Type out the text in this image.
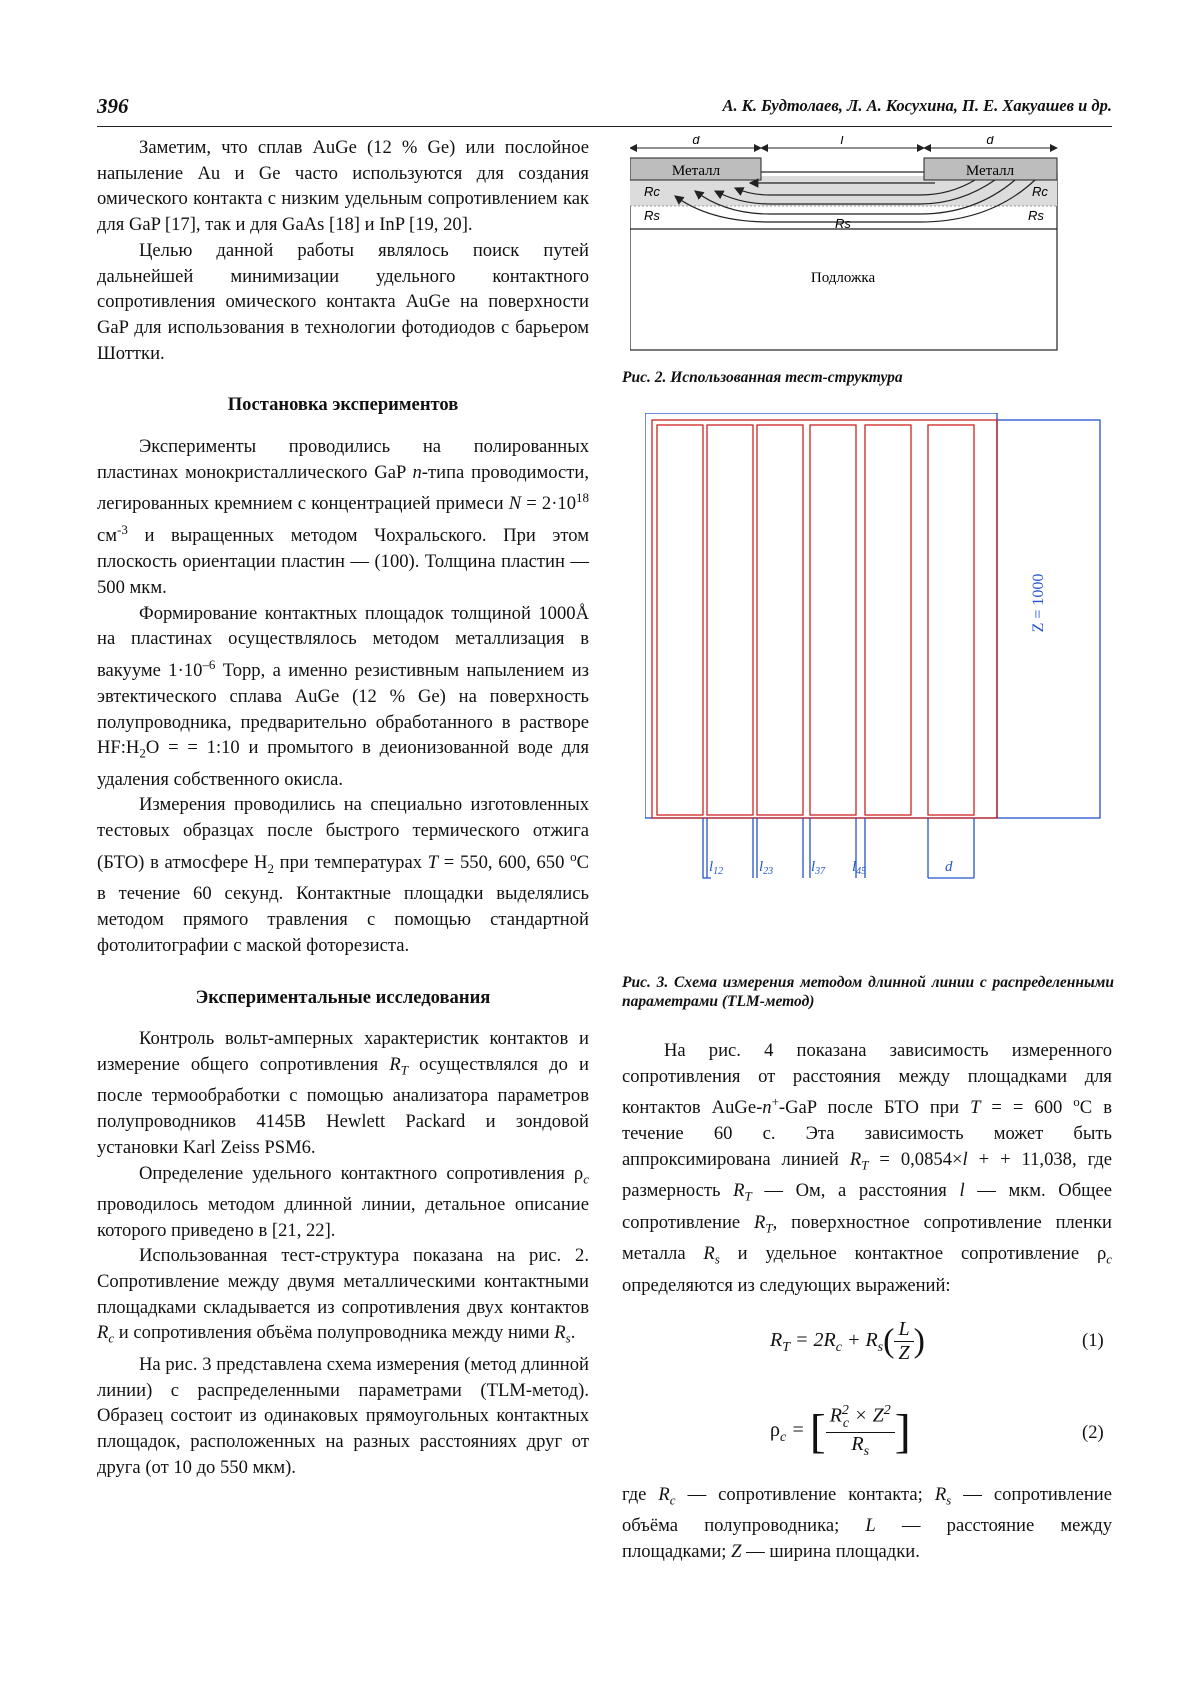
396	А. К. Будтолаев, Л. А. Косухина, П. Е. Хакуашев и др.

Заметим, что сплав AuGe (12 % Ge) или послойное напыление Au и Ge часто используются для создания омического контакта с низким удельным сопротивлением как для GaP [17], так и для GaAs [18] и InP [19, 20].

Целью данной работы являлось поиск путей дальнейшей минимизации удельного контактного сопротивления омического контакта AuGe на поверхности GaP для использования в технологии фотодиодов с барьером Шоттки.

Постановка экспериментов

Эксперименты проводились на полированных пластинах монокристаллического GaP n-типа проводимости, легированных кремнием с концентрацией примеси $N = 2\cdot 10^{18}$ $см^{-3}$ и выращенных методом Чохральского. При этом плоскость ориентации пластин — (100). Толщина пластин — 500 мкм.

Формирование контактных площадок толщиной 1000Å на пластинах осуществлялось методом металлизация в вакууме $1\cdot 10^{-6}$ Торр, а именно резистивным напылением из эвтектического сплава AuGe (12 % Ge) на поверхность полупроводника, предварительно обработанного в растворе $HF:H_2O$ = = 1:10 и промытого в деионизованной воде для удаления собственного окисла.

Измерения проводились на специально изготовленных тестовых образцах после быстрого термического отжига (БТО) в атмосфере $H_2$ при температурах T = 550, 600, 650 $^o$C в течение 60 секунд. Контактные площадки выделялись методом прямого травления с помощью стандартной фотолитографии с маской фоторезиста.

Экспериментальные исследования

Контроль вольт-амперных характеристик контактов и измерение общего сопротивления $R_T$ осуществлялся до и после термообработки с помощью анализатора параметров полупроводников 4145B Hewlett Packard и зондовой установки Karl Zeiss PSM6.

Определение удельного контактного сопротивления $\rho_c$ проводилось методом длинной линии, детальное описание которого приведено в [21, 22].

Использованная тест-структура показана на рис. 2. Сопротивление между двумя металлическими контактными площадками складывается из сопротивления двух контактов $R_c$ и сопротивления объёма полупроводника между ними $R_s$.

На рис. 3 представлена схема измерения (метод длинной линии) с распределенными параметрами (TLM-метод). Образец состоит из одинаковых прямоугольных контактных площадок, расположенных на разных расстояниях друг от друга (от 10 до 550 мкм).

d	l	d
Металл	Металл
Rc	Rc
Rs
Rs
Rs
Подложка
Рис. 2. Использованная тест-структура
$l_{12}$ $l_{23}$	$l_{37}$ $l_{45}$	d
Z = 1000
Рис. 3. Схема измерения методом длинной линии с распределенными параметрами (TLM-метод)

На рис. 4 показана зависимость измеренного сопротивления от расстояния между площадками для контактов AuGe-n+-GaP после БТО при T = = 600 $^o$C в течение 60 с. Эта зависимость может быть аппроксимирована линией $R_T = 0,0854\times l$ + + 11,038, где размерность $R_T$ — Ом, а расстояния l — мкм. Общее сопротивление $R_T$, поверхностное сопротивление пленки металла $R_s$ и удельное контактное сопротивление $\rho_c$ определяются из следующих выражений:

$R_T = 2R_c + R_s( \frac{L}{Z}$ )	(1)
$\rho_c$ = [ $\frac{R^2_c \times Z^2}{R_s}$ ]	(2)

где $R_c$ — сопротивление контакта; $R_s$ — сопротивление объёма полупроводника; L — расстояние между площадками; Z — ширина площадки.
